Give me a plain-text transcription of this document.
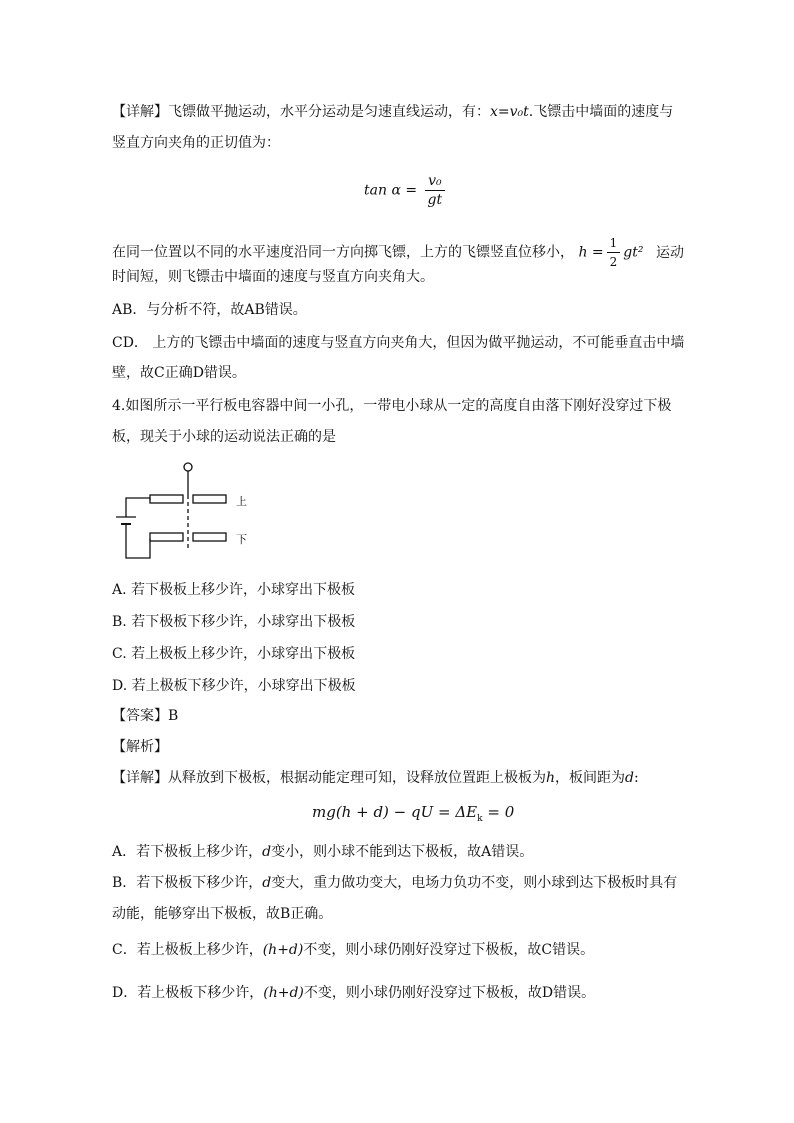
【详解】飞镖做平抛运动，水平分运动是匀速直线运动，有：x=v₀t.飞镖击中墙面的速度与
竖直方向夹角的正切值为：
$\tan \alpha = \frac{\text{v₀}}{gt}$
在同一位置以不同的水平速度沿同一方向掷飞镖，上方的飞镖竖直位移小， $h = \frac{1}{2} gt^2$ 运动
时间短，则飞镖击中墙面的速度与竖直方向夹角大。
AB．与分析不符，故AB错误。
CD． 上方的飞镖击中墙面的速度与竖直方向夹角大，但因为做平抛运动，不可能垂直击中墙
壁，故C正确D错误。
4.如图所示一平行板电容器中间一小孔，一带电小球从一定的高度自由落下刚好没穿过下极
板，现关于小球的运动说法正确的是
上
下
A. 若下极板上移少许，小球穿出下极板
B. 若下极板下移少许，小球穿出下极板
C. 若上极板上移少许，小球穿出下极板
D. 若上极板下移少许，小球穿出下极板
【答案】B
【解析】
【详解】从释放到下极板，根据动能定理可知，设释放位置距上极板为h，板间距为d:
mg(h + d) − qU = $\Delta E_k = 0$
A．若下极板上移少许，d变小，则小球不能到达下极板，故A错误。
B．若下极板下移少许，d变大，重力做功变大，电场力负功不变，则小球到达下极板时具有
动能，能够穿出下极板，故B正确。
C．若上极板上移少许，(h+d)不变，则小球仍刚好没穿过下极板，故C错误。
D．若上极板下移少许，(h+d)不变，则小球仍刚好没穿过下极板，故D错误。
